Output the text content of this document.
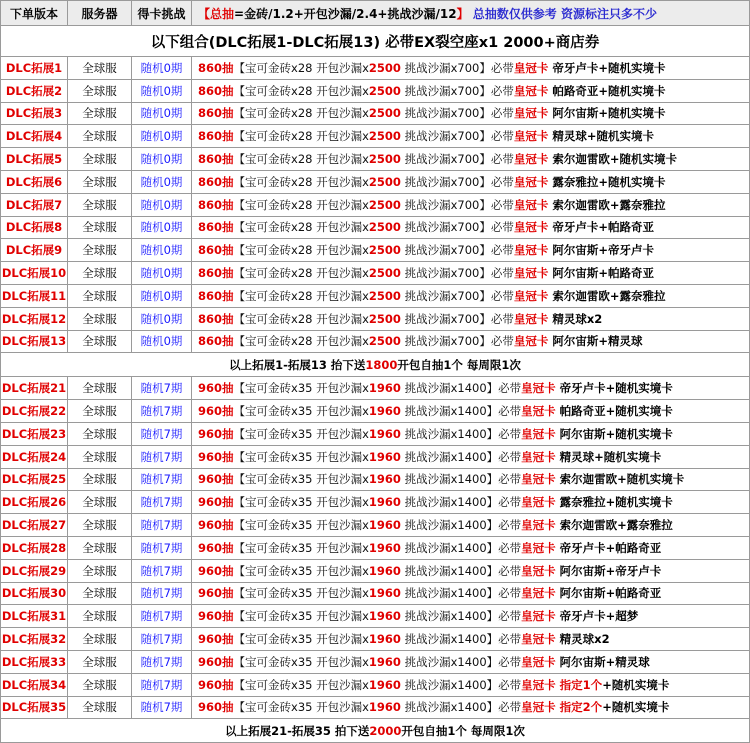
下单版本	服务器	得卡挑战	【总抽=金砖/1.2+开包沙漏/2.4+挑战沙漏/12】 总抽数仅供参考 资源标注只多不少
以下组合(DLC拓展1-DLC拓展13) 必带EX裂空座x1 2000+商店券			
DLC拓展1	全球服	随机0期	860抽【宝可金砖x28 开包沙漏x2500 挑战沙漏x700】必带皇冠卡 帝牙卢卡+随机实境卡
DLC拓展2	全球服	随机0期	860抽【宝可金砖x28 开包沙漏x2500 挑战沙漏x700】必带皇冠卡 帕路奇亚+随机实境卡
DLC拓展3	全球服	随机0期	860抽【宝可金砖x28 开包沙漏x2500 挑战沙漏x700】必带皇冠卡 阿尔宙斯+随机实境卡
DLC拓展4	全球服	随机0期	860抽【宝可金砖x28 开包沙漏x2500 挑战沙漏x700】必带皇冠卡 精灵球+随机实境卡
DLC拓展5	全球服	随机0期	860抽【宝可金砖x28 开包沙漏x2500 挑战沙漏x700】必带皇冠卡 索尔迦雷欧+随机实境卡
DLC拓展6	全球服	随机0期	860抽【宝可金砖x28 开包沙漏x2500 挑战沙漏x700】必带皇冠卡 露奈雅拉+随机实境卡
DLC拓展7	全球服	随机0期	860抽【宝可金砖x28 开包沙漏x2500 挑战沙漏x700】必带皇冠卡 索尔迦雷欧+露奈雅拉
DLC拓展8	全球服	随机0期	860抽【宝可金砖x28 开包沙漏x2500 挑战沙漏x700】必带皇冠卡 帝牙卢卡+帕路奇亚
DLC拓展9	全球服	随机0期	860抽【宝可金砖x28 开包沙漏x2500 挑战沙漏x700】必带皇冠卡 阿尔宙斯+帝牙卢卡
DLC拓展10	全球服	随机0期	860抽【宝可金砖x28 开包沙漏x2500 挑战沙漏x700】必带皇冠卡 阿尔宙斯+帕路奇亚
DLC拓展11	全球服	随机0期	860抽【宝可金砖x28 开包沙漏x2500 挑战沙漏x700】必带皇冠卡 索尔迦雷欧+露奈雅拉
DLC拓展12	全球服	随机0期	860抽【宝可金砖x28 开包沙漏x2500 挑战沙漏x700】必带皇冠卡 精灵球x2
DLC拓展13	全球服	随机0期	860抽【宝可金砖x28 开包沙漏x2500 挑战沙漏x700】必带皇冠卡 阿尔宙斯+精灵球
以上拓展1-拓展13 抬下送1800开包自抽1个 每周限1次			
DLC拓展21	全球服	随机7期	960抽【宝可金砖x35 开包沙漏x1960 挑战沙漏x1400】必带皇冠卡 帝牙卢卡+随机实境卡
DLC拓展22	全球服	随机7期	960抽【宝可金砖x35 开包沙漏x1960 挑战沙漏x1400】必带皇冠卡 帕路奇亚+随机实境卡
DLC拓展23	全球服	随机7期	960抽【宝可金砖x35 开包沙漏x1960 挑战沙漏x1400】必带皇冠卡 阿尔宙斯+随机实境卡
DLC拓展24	全球服	随机7期	960抽【宝可金砖x35 开包沙漏x1960 挑战沙漏x1400】必带皇冠卡 精灵球+随机实境卡
DLC拓展25	全球服	随机7期	960抽【宝可金砖x35 开包沙漏x1960 挑战沙漏x1400】必带皇冠卡 索尔迦雷欧+随机实境卡
DLC拓展26	全球服	随机7期	960抽【宝可金砖x35 开包沙漏x1960 挑战沙漏x1400】必带皇冠卡 露奈雅拉+随机实境卡
DLC拓展27	全球服	随机7期	960抽【宝可金砖x35 开包沙漏x1960 挑战沙漏x1400】必带皇冠卡 索尔迦雷欧+露奈雅拉
DLC拓展28	全球服	随机7期	960抽【宝可金砖x35 开包沙漏x1960 挑战沙漏x1400】必带皇冠卡 帝牙卢卡+帕路奇亚
DLC拓展29	全球服	随机7期	960抽【宝可金砖x35 开包沙漏x1960 挑战沙漏x1400】必带皇冠卡 阿尔宙斯+帝牙卢卡
DLC拓展30	全球服	随机7期	960抽【宝可金砖x35 开包沙漏x1960 挑战沙漏x1400】必带皇冠卡 阿尔宙斯+帕路奇亚
DLC拓展31	全球服	随机7期	960抽【宝可金砖x35 开包沙漏x1960 挑战沙漏x1400】必带皇冠卡 帝牙卢卡+超梦
DLC拓展32	全球服	随机7期	960抽【宝可金砖x35 开包沙漏x1960 挑战沙漏x1400】必带皇冠卡 精灵球x2
DLC拓展33	全球服	随机7期	960抽【宝可金砖x35 开包沙漏x1960 挑战沙漏x1400】必带皇冠卡 阿尔宙斯+精灵球
DLC拓展34	全球服	随机7期	960抽【宝可金砖x35 开包沙漏x1960 挑战沙漏x1400】必带皇冠卡 指定1个+随机实境卡
DLC拓展35	全球服	随机7期	960抽【宝可金砖x35 开包沙漏x1960 挑战沙漏x1400】必带皇冠卡 指定2个+随机实境卡
以上拓展21-拓展35 拍下送2000开包自抽1个 每周限1次			
